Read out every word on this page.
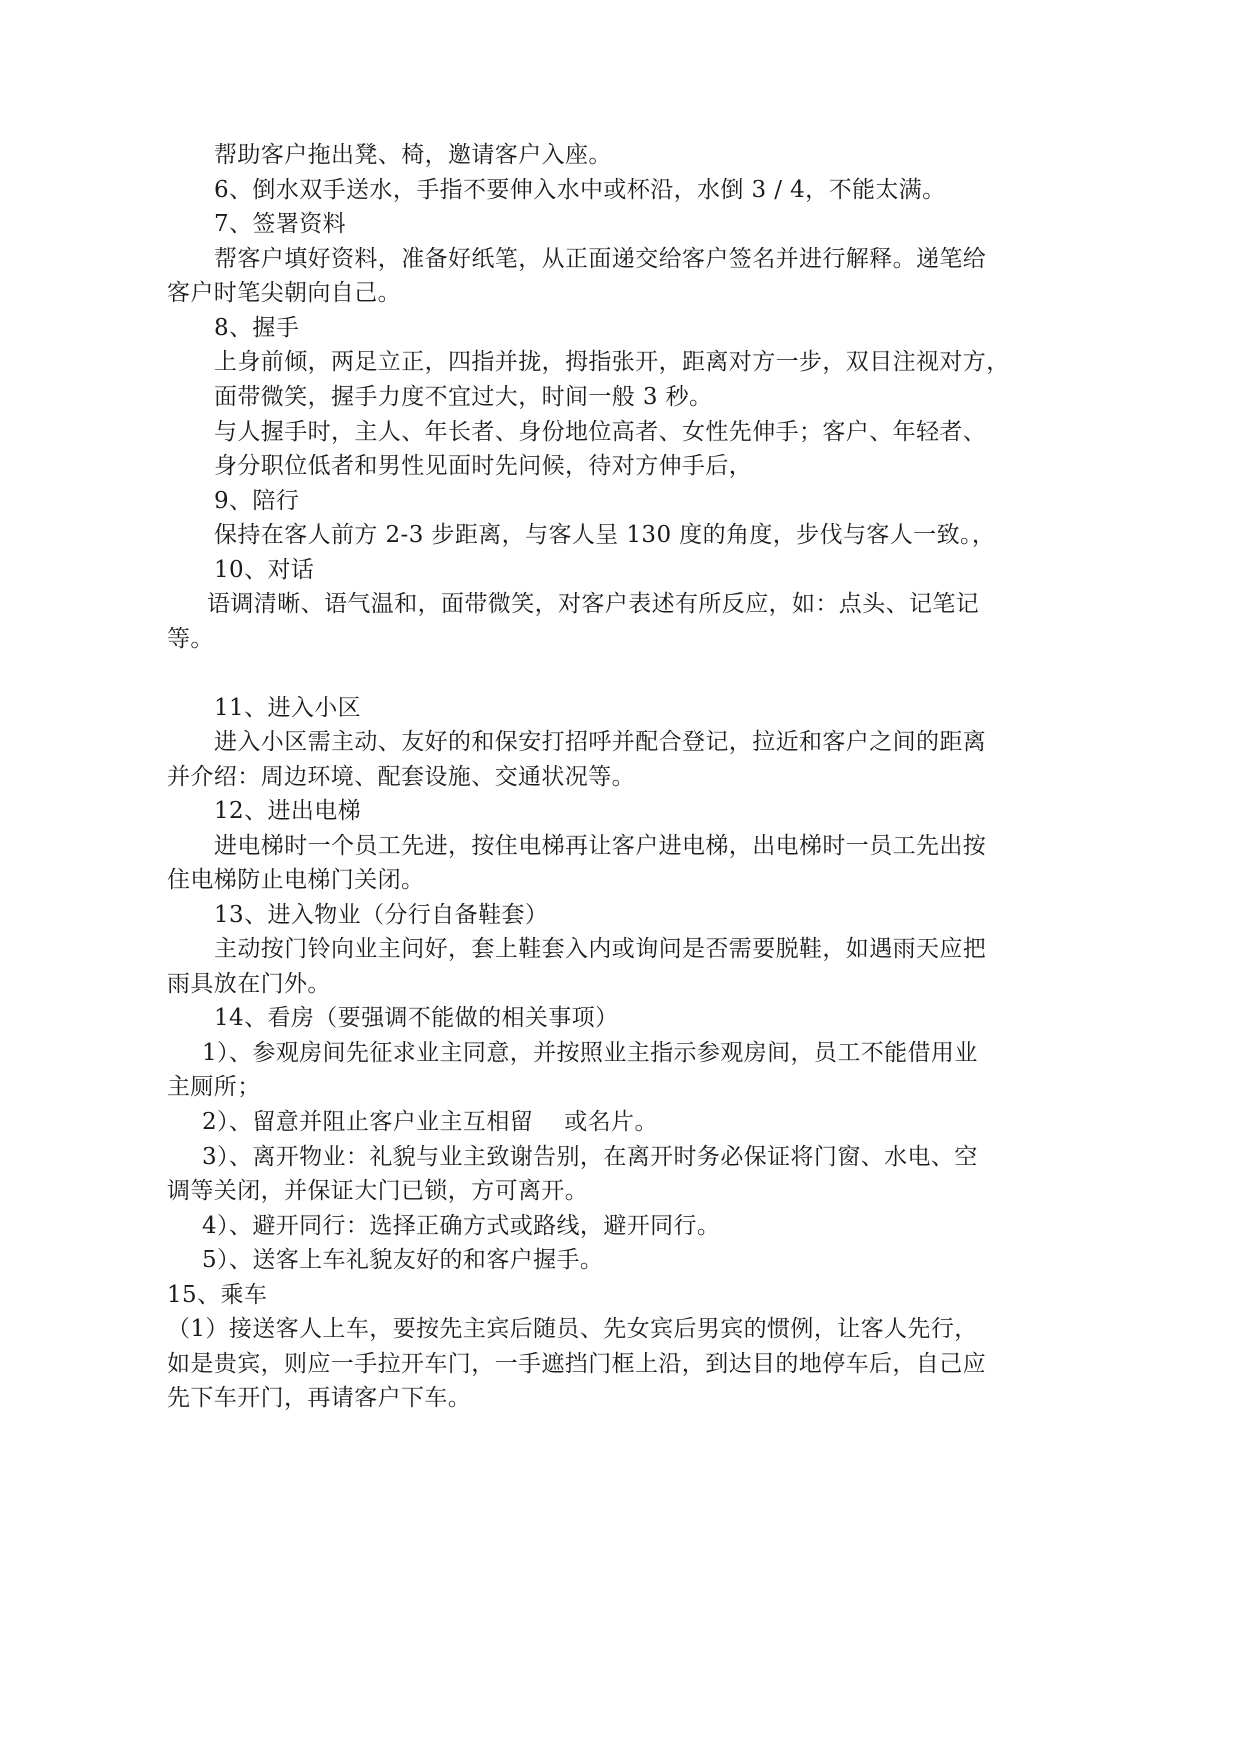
帮助客户拖出凳、椅，邀请客户入座。
6、倒水双手送水，手指不要伸入水中或杯沿，水倒 3 / 4，不能太满。
7、签署资料
帮客户填好资料，准备好纸笔，从正面递交给客户签名并进行解释。递笔给
客户时笔尖朝向自己。
8、握手
上身前倾，两足立正，四指并拢，拇指张开，距离对方一步，双目注视对方，
面带微笑，握手力度不宜过大，时间一般 3 秒。
与人握手时，主人、年长者、身份地位高者、女性先伸手；客户、年轻者、
身分职位低者和男性见面时先问候，待对方伸手后，
9、陪行
保持在客人前方 2-3 步距离，与客人呈 130 度的角度，步伐与客人一致。，
10、对话
语调清晰、语气温和，面带微笑，对客户表述有所反应，如：点头、记笔记
等。
11、进入小区
进入小区需主动、友好的和保安打招呼并配合登记，拉近和客户之间的距离
并介绍：周边环境、配套设施、交通状况等。
12、进出电梯
进电梯时一个员工先进，按住电梯再让客户进电梯，出电梯时一员工先出按
住电梯防止电梯门关闭。
13、进入物业（分行自备鞋套）
主动按门铃向业主问好，套上鞋套入内或询问是否需要脱鞋，如遇雨天应把
雨具放在门外。
14、看房（要强调不能做的相关事项）
1）、参观房间先征求业主同意，并按照业主指示参观房间，员工不能借用业
主厕所；
2）、留意并阻止客户业主互相留　 或名片。
3）、离开物业：礼貌与业主致谢告别，在离开时务必保证将门窗、水电、空
调等关闭，并保证大门已锁，方可离开。
4）、避开同行：选择正确方式或路线，避开同行。
5）、送客上车礼貌友好的和客户握手。
15、乘车
（1）接送客人上车，要按先主宾后随员、先女宾后男宾的惯例，让客人先行，
如是贵宾，则应一手拉开车门，一手遮挡门框上沿，到达目的地停车后，自己应
先下车开门，再请客户下车。
